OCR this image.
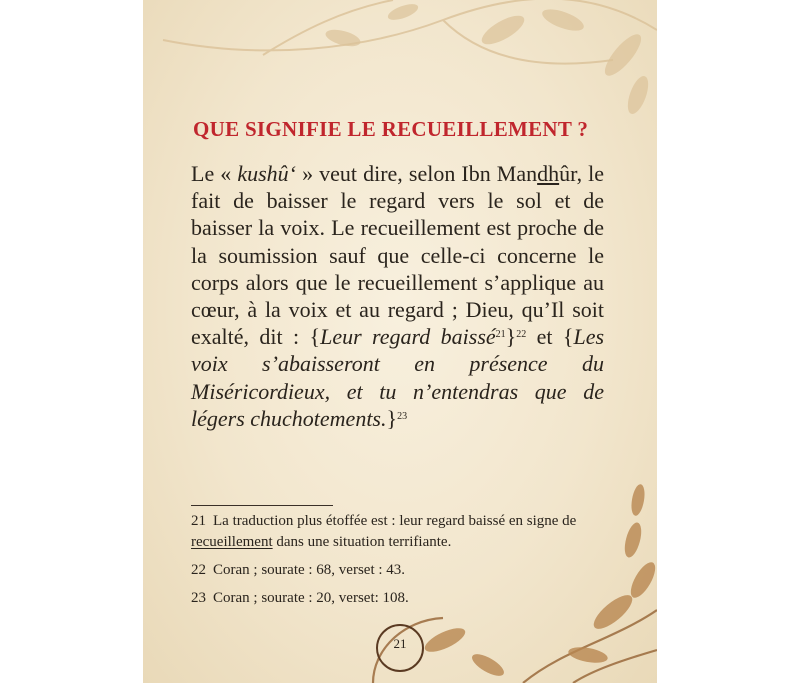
QUE SIGNIFIE LE RECUEILLEMENT ?

Le « kushû‘ » veut dire, selon Ibn Mandhûr, le fait de baisser le regard vers le sol et de baisser la voix. Le recueillement est proche de la soumission sauf que celle-ci concerne le corps alors que le recueillement s’applique au cœur, à la voix et au regard ; Dieu, qu’Il soit exalté, dit : {Leur regard baissé$^{21}$}$^{22}$ et {Les voix s’abaisseront en présence du Miséricordieux, et tu n’entendras que de légers chuchotements.}$^{23}$

21 La traduction plus étoffée est : leur regard baissé en signe de recueillement dans une situation terrifiante.
22 Coran ; sourate : 68, verset : 43.
23 Coran ; sourate : 20, verset: 108.
21
